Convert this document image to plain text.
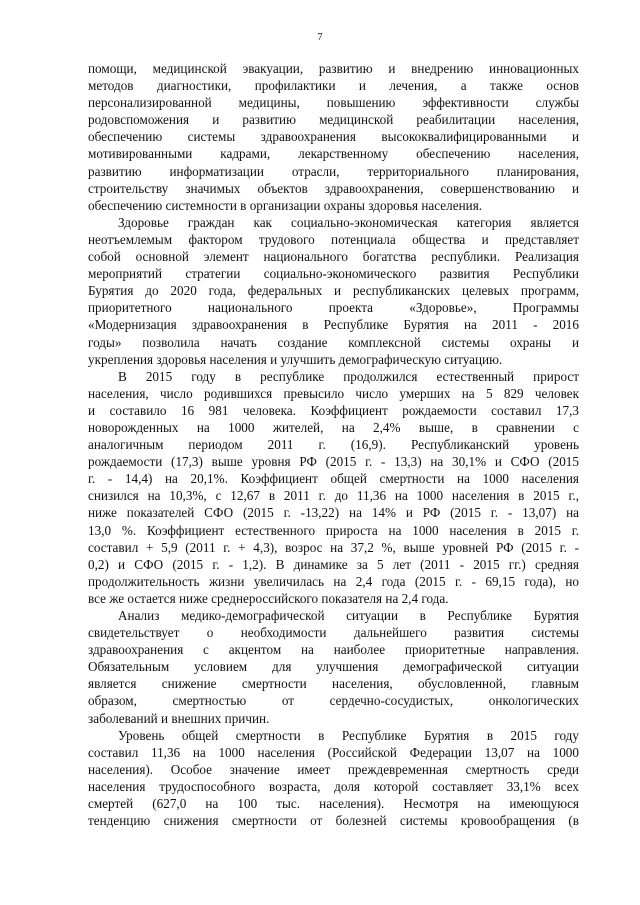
7

помощи, медицинской эвакуации, развитию и внедрению инновационных
методов диагностики, профилактики и лечения, а также основ
персонализированной медицины, повышению эффективности службы
родовспоможения и развитию медицинской реабилитации населения,
обеспечению системы здравоохранения высококвалифицированными и
мотивированными кадрами, лекарственному обеспечению населения,
развитию информатизации отрасли, территориального планирования,
строительству значимых объектов здравоохранения, совершенствованию и
обеспечению системности в организации охраны здоровья населения.

Здоровье граждан как социально-экономическая категория является
неотъемлемым фактором трудового потенциала общества и представляет
собой основной элемент национального богатства республики. Реализация
мероприятий стратегии социально-экономического развития Республики
Бурятия до 2020 года, федеральных и республиканских целевых программ,
приоритетного национального проекта «Здоровье», Программы
«Модернизация здравоохранения в Республике Бурятия на 2011 - 2016
годы» позволила начать создание комплексной системы охраны и
укрепления здоровья населения и улучшить демографическую ситуацию.

В 2015 году в республике продолжился естественный прирост
населения, число родившихся превысило число умерших на 5 829 человек
и составило 16 981 человека. Коэффициент рождаемости составил 17,3
новорожденных на 1000 жителей, на 2,4% выше, в сравнении с
аналогичным периодом 2011 г. (16,9). Республиканский уровень
рождаемости (17,3) выше уровня РФ (2015 г. - 13,3) на 30,1% и СФО (2015
г. - 14,4) на 20,1%. Коэффициент общей смертности на 1000 населения
снизился на 10,3%, с 12,67 в 2011 г. до 11,36 на 1000 населения в 2015 г.,
ниже показателей СФО (2015 г. -13,22) на 14% и РФ (2015 г. - 13,07) на
13,0 %. Коэффициент естественного прироста на 1000 населения в 2015 г.
составил + 5,9 (2011 г. + 4,3), возрос на 37,2 %, выше уровней РФ (2015 г. -
0,2) и СФО (2015 г. - 1,2). В динамике за 5 лет (2011 - 2015 гг.) средняя
продолжительность жизни увеличилась на 2,4 года (2015 г. - 69,15 года), но
все же остается ниже среднероссийского показателя на 2,4 года.

Анализ медико-демографической ситуации в Республике Бурятия
свидетельствует о необходимости дальнейшего развития системы
здравоохранения с акцентом на наиболее приоритетные направления.
Обязательным условием для улучшения демографической ситуации
является снижение смертности населения, обусловленной, главным
образом, смертностью от сердечно-сосудистых, онкологических
заболеваний и внешних причин.

Уровень общей смертности в Республике Бурятия в 2015 году
составил 11,36 на 1000 населения (Российской Федерации 13,07 на 1000
населения). Особое значение имеет преждевременная смертность среди
населения трудоспособного возраста, доля которой составляет 33,1% всех
смертей (627,0 на 100 тыс. населения). Несмотря на имеющуюся
тенденцию снижения смертности от болезней системы кровообращения (в
